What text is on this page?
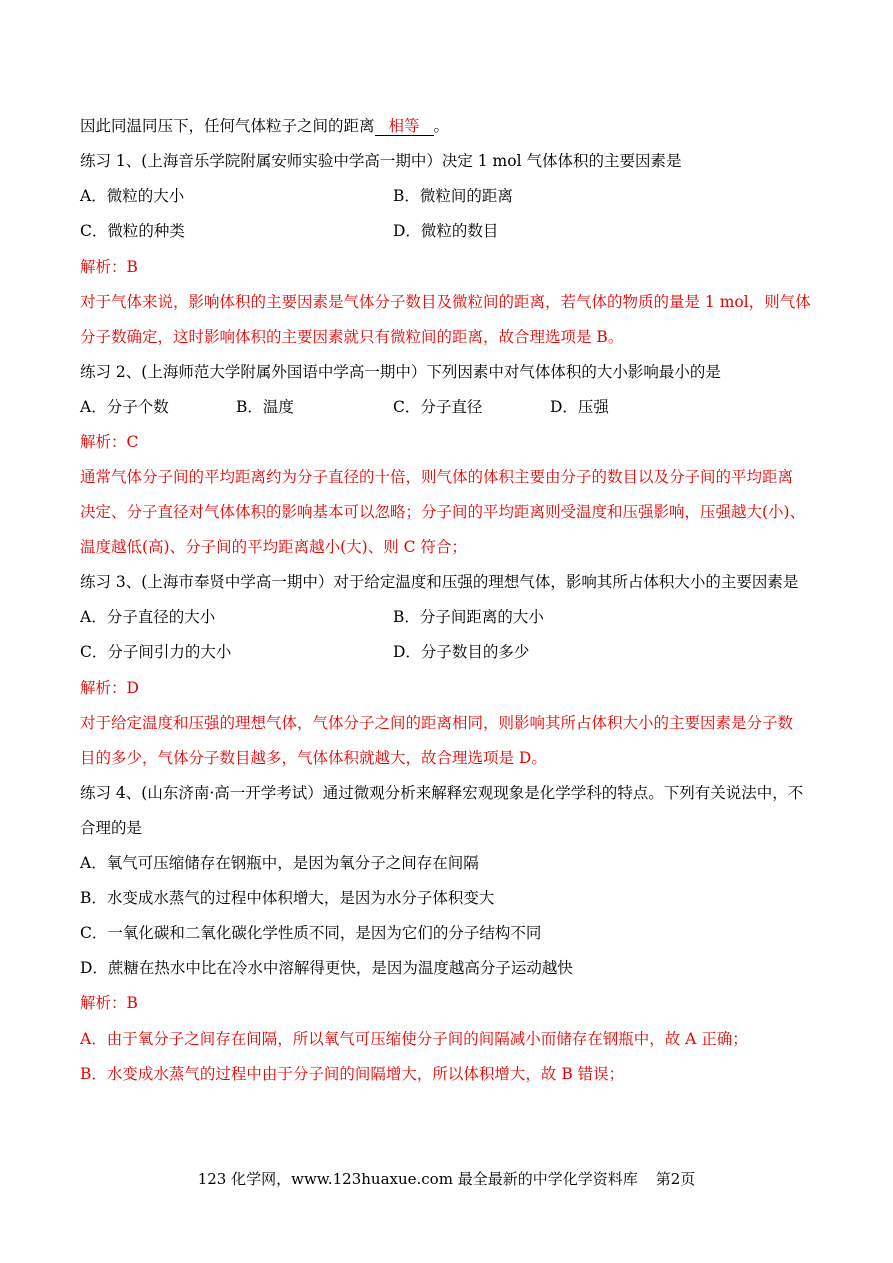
因此同温同压下，任何气体粒子之间的距离 相等 。
练习 1、(上海音乐学院附属安师实验中学高一期中）决定 1 mol 气体体积的主要因素是
A．微粒的大小	B．微粒间的距离
C．微粒的种类	D．微粒的数目
解析：B
对于气体来说，影响体积的主要因素是气体分子数目及微粒间的距离，若气体的物质的量是 1 mol，则气体
分子数确定，这时影响体积的主要因素就只有微粒间的距离，故合理选项是 B。
练习 2、(上海师范大学附属外国语中学高一期中）下列因素中对气体体积的大小影响最小的是
A．分子个数	B．温度	C．分子直径	D．压强
解析：C
通常气体分子间的平均距离约为分子直径的十倍，则气体的体积主要由分子的数目以及分子间的平均距离
决定、分子直径对气体体积的影响基本可以忽略；分子间的平均距离则受温度和压强影响，压强越大(小)、
温度越低(高)、分子间的平均距离越小(大)、则 C 符合；
练习 3、(上海市奉贤中学高一期中）对于给定温度和压强的理想气体，影响其所占体积大小的主要因素是
A．分子直径的大小	B．分子间距离的大小
C．分子间引力的大小	D．分子数目的多少
解析：D
对于给定温度和压强的理想气体，气体分子之间的距离相同，则影响其所占体积大小的主要因素是分子数
目的多少，气体分子数目越多，气体体积就越大，故合理选项是 D。
练习 4、(山东济南·高一开学考试）通过微观分析来解释宏观现象是化学学科的特点。下列有关说法中，不
合理的是
A．氧气可压缩储存在钢瓶中，是因为氧分子之间存在间隔
B．水变成水蒸气的过程中体积增大，是因为水分子体积变大
C．一氧化碳和二氧化碳化学性质不同，是因为它们的分子结构不同
D．蔗糖在热水中比在冷水中溶解得更快，是因为温度越高分子运动越快
解析：B
A．由于氧分子之间存在间隔，所以氧气可压缩使分子间的间隔减小而储存在钢瓶中，故 A 正确；
B．水变成水蒸气的过程中由于分子间的间隔增大，所以体积增大，故 B 错误；
123 化学网，www.123huaxue.com 最全最新的中学化学资料库 第2页
